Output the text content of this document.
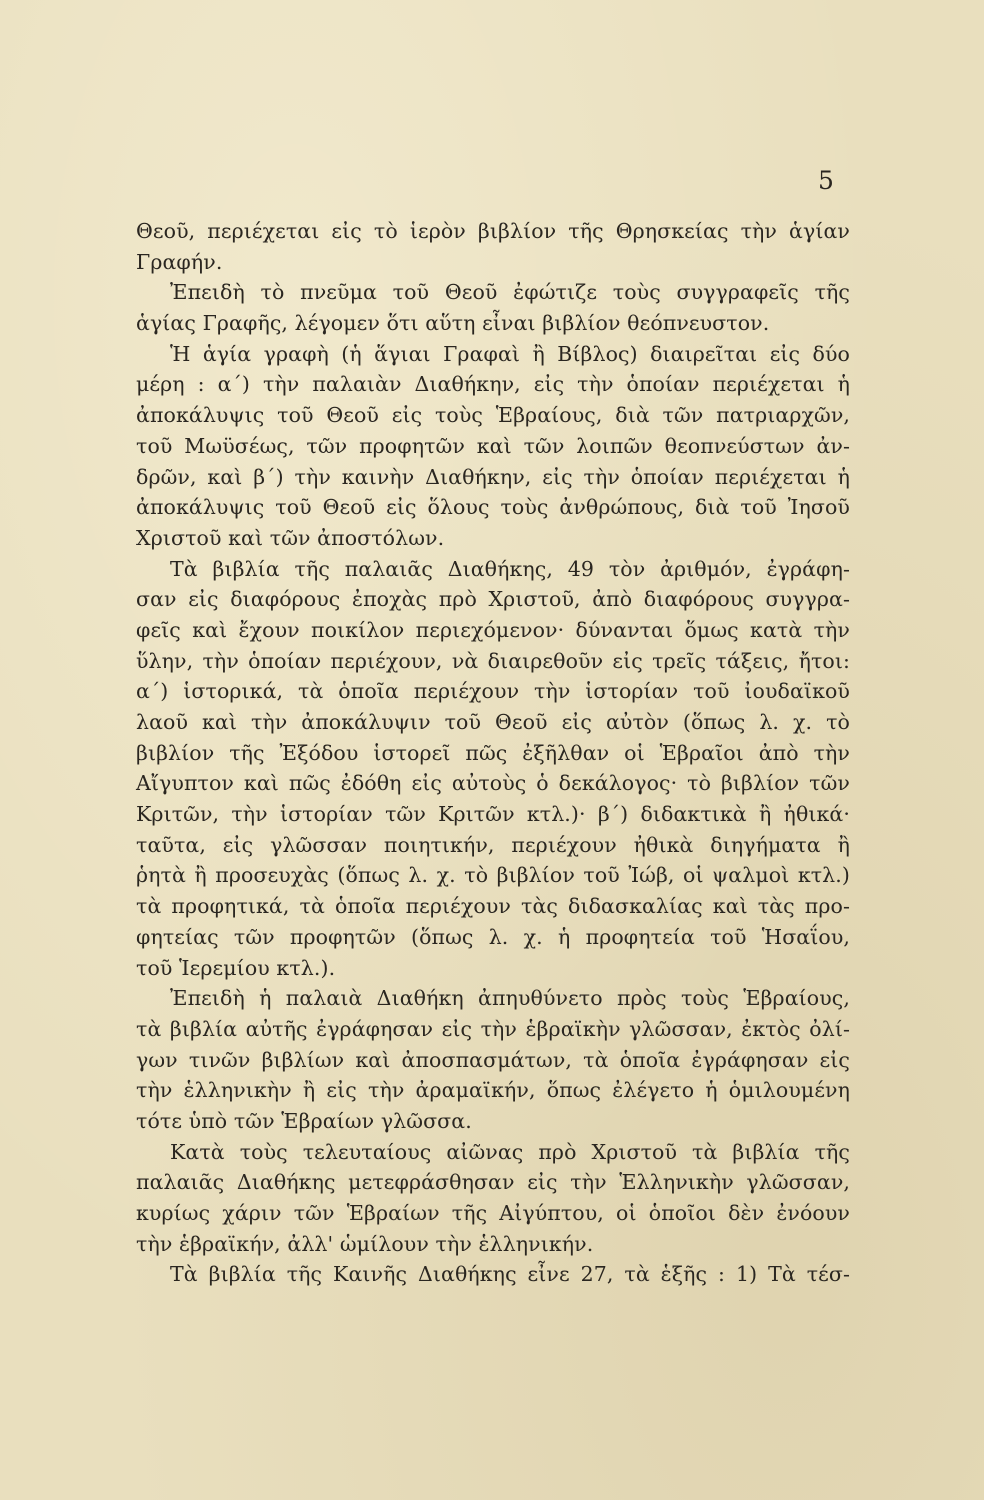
5
Θεοῦ, περιέχεται εἰς τὸ ἱερὸν βιβλίον τῆς Θρησκείας τὴν ἁγίαν
Γραφήν.
Ἐπειδὴ τὸ πνεῦμα τοῦ Θεοῦ ἐφώτιζε τοὺς συγγραφεῖς τῆς
ἁγίας Γραφῆς, λέγομεν ὅτι αὕτη εἶναι βιβλίον θεόπνευστον.
Ἡ ἁγία γραφὴ (ἡ ἅγιαι Γραφαὶ ἢ Βίβλος) διαιρεῖται εἰς δύο
μέρη : α΄) τὴν παλαιὰν Διαθήκην, εἰς τὴν ὁποίαν περιέχεται ἡ
ἀποκάλυψις τοῦ Θεοῦ εἰς τοὺς Ἑβραίους, διὰ τῶν πατριαρχῶν,
τοῦ Μωϋσέως, τῶν προφητῶν καὶ τῶν λοιπῶν θεοπνεύστων ἀν-
δρῶν, καὶ β΄) τὴν καινὴν Διαθήκην, εἰς τὴν ὁποίαν περιέχεται ἡ
ἀποκάλυψις τοῦ Θεοῦ εἰς ὅλους τοὺς ἀνθρώπους, διὰ τοῦ Ἰησοῦ
Χριστοῦ καὶ τῶν ἀποστόλων.
Τὰ βιβλία τῆς παλαιᾶς Διαθήκης, 49 τὸν ἀριθμόν, ἐγράφη-
σαν εἰς διαφόρους ἐποχὰς πρὸ Χριστοῦ, ἀπὸ διαφόρους συγγρα-
φεῖς καὶ ἔχουν ποικίλον περιεχόμενον· δύνανται ὅμως κατὰ τὴν
ὕλην, τὴν ὁποίαν περιέχουν, νὰ διαιρεθοῦν εἰς τρεῖς τάξεις, ἤτοι:
α΄) ἱστορικά, τὰ ὁποῖα περιέχουν τὴν ἱστορίαν τοῦ ἰουδαϊκοῦ
λαοῦ καὶ τὴν ἀποκάλυψιν τοῦ Θεοῦ εἰς αὐτὸν (ὅπως λ. χ. τὸ
βιβλίον τῆς Ἐξόδου ἱστορεῖ πῶς ἐξῆλθαν οἱ Ἑβραῖοι ἀπὸ τὴν
Αἴγυπτον καὶ πῶς ἐδόθη εἰς αὐτοὺς ὁ δεκάλογος· τὸ βιβλίον τῶν
Κριτῶν, τὴν ἱστορίαν τῶν Κριτῶν κτλ.)· β΄) διδακτικὰ ἢ ἠθικά·
ταῦτα, εἰς γλῶσσαν ποιητικήν, περιέχουν ἠθικὰ διηγήματα ἢ
ῥητὰ ἢ προσευχὰς (ὅπως λ. χ. τὸ βιβλίον τοῦ Ἰώβ, οἱ ψαλμοὶ κτλ.)
τὰ προφητικά, τὰ ὁποῖα περιέχουν τὰς διδασκαλίας καὶ τὰς προ-
φητείας τῶν προφητῶν (ὅπως λ. χ. ἡ προφητεία τοῦ Ἡσαΐου,
τοῦ Ἱερεμίου κτλ.).
Ἐπειδὴ ἡ παλαιὰ Διαθήκη ἀπηυθύνετο πρὸς τοὺς Ἑβραίους,
τὰ βιβλία αὐτῆς ἐγράφησαν εἰς τὴν ἑβραϊκὴν γλῶσσαν, ἐκτὸς ὀλί-
γων τινῶν βιβλίων καὶ ἀποσπασμάτων, τὰ ὁποῖα ἐγράφησαν εἰς
τὴν ἑλληνικὴν ἢ εἰς τὴν ἀραμαϊκήν, ὅπως ἐλέγετο ἡ ὁμιλουμένη
τότε ὑπὸ τῶν Ἑβραίων γλῶσσα.
Κατὰ τοὺς τελευταίους αἰῶνας πρὸ Χριστοῦ τὰ βιβλία τῆς
παλαιᾶς Διαθήκης μετεφράσθησαν εἰς τὴν Ἑλληνικὴν γλῶσσαν,
κυρίως χάριν τῶν Ἑβραίων τῆς Αἰγύπτου, οἱ ὁποῖοι δὲν ἐνόουν
τὴν ἑβραϊκήν, ἀλλ' ὡμίλουν τὴν ἑλληνικήν.
Τὰ βιβλία τῆς Καινῆς Διαθήκης εἶνε 27, τὰ ἑξῆς : 1) Τὰ τέσ-
